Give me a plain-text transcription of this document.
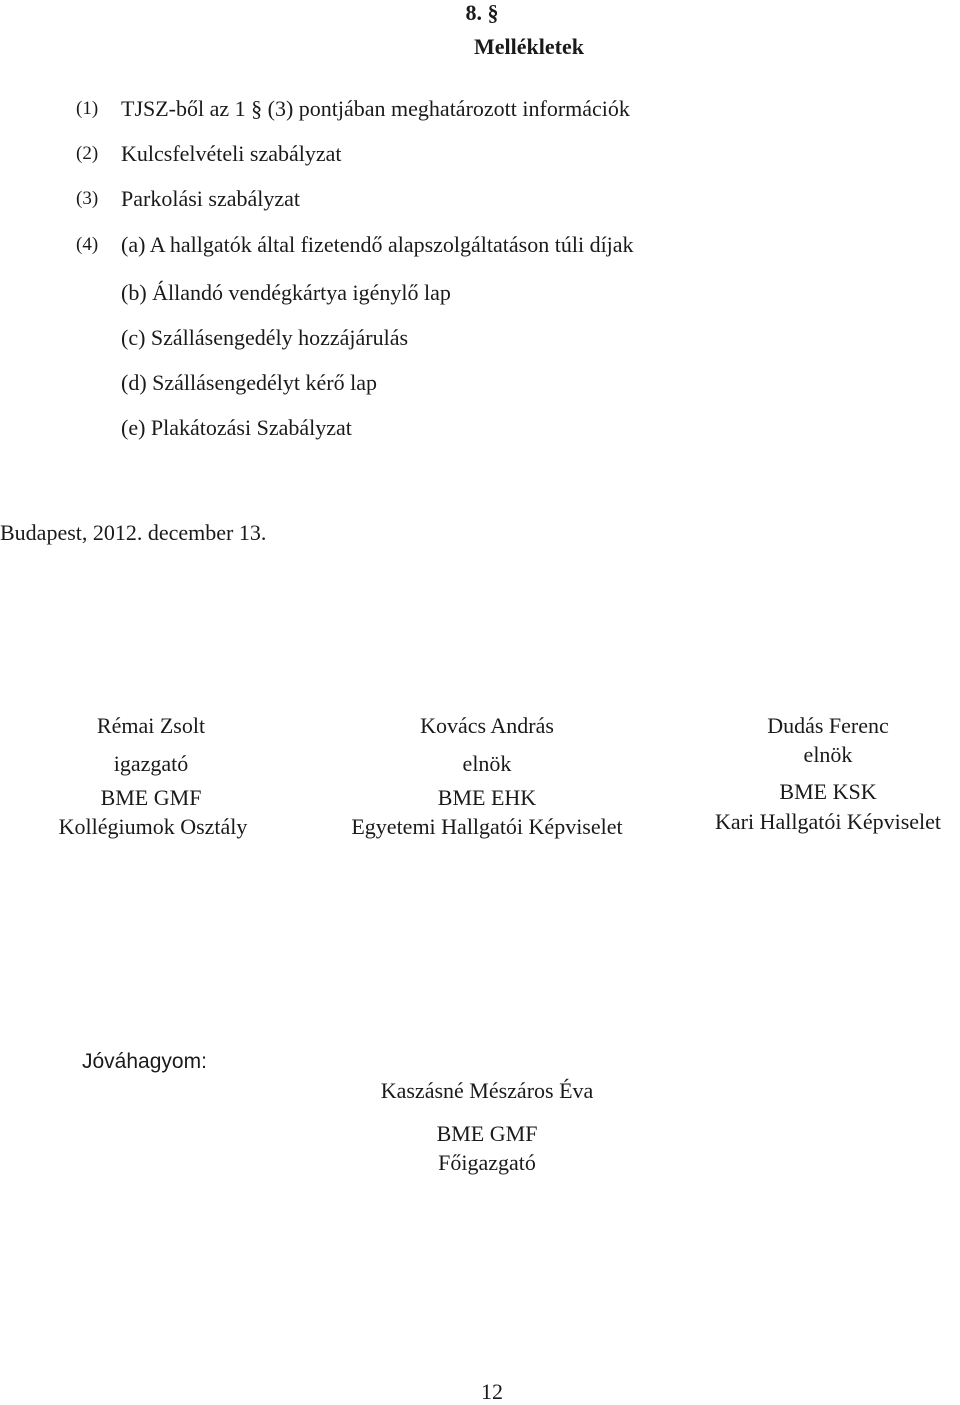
8. §
Mellékletek
(1) TJSZ-ből az 1 § (3) pontjában meghatározott információk
(2) Kulcsfelvételi szabályzat
(3) Parkolási szabályzat
(4) (a) A hallgatók által fizetendő alapszolgáltatáson túli díjak
(b) Állandó vendégkártya igénylő lap
(c) Szállásengedély hozzájárulás
(d) Szállásengedélyt kérő lap
(e) Plakátozási Szabályzat
Budapest, 2012. december 13.
Rémai Zsolt
igazgató
BME GMF
Kollégiumok Osztály
Kovács András
elnök
BME EHK
Egyetemi Hallgatói Képviselet
Dudás Ferenc
elnök
BME KSK
Kari Hallgatói Képviselet
Jóváhagyom:
Kaszásné Mészáros Éva
BME GMF
Főigazgató
12
